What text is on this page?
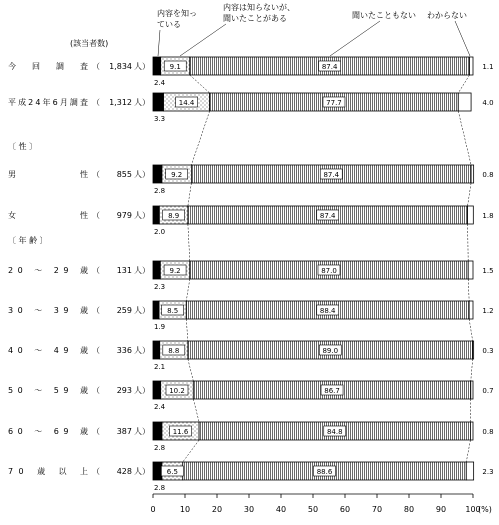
(該当者数)
〔 性 〕
〔 年 齢 〕
今 回 調 査 （ 1,834 人）
2.4
9.1	87.4	1.1
平成24年6月調査 （ 1,312 人）
3.3
14.4	77.7	4.0
男 性 （ 855 人）
2.8
9.2	87.4	0.8
女 性 （ 979 人）
2.0
8.9	87.4	1.8
20 ～ 29 歳 （ 131 人）
2.3
9.2	87.0	1.5
30 ～ 39 歳 （ 259 人）
1.9
8.5	88.4	1.2
40 ～ 49 歳 （ 336 人）
2.1
8.8	89.0	0.3
50 ～ 59 歳 （ 293 人）
2.4
10.2	86.7	0.7
60 ～ 69 歳 （ 387 人）
2.8
11.6	84.8	0.8
70 歳 以 上 （ 428 人）
2.8
6.5	88.6	2.3
0	10	20	30	40	50	60	70	80	90 100
(%)
内容を知っ
ている
内容は知らないが、
聞いたことがある	聞いたこともない わからない
